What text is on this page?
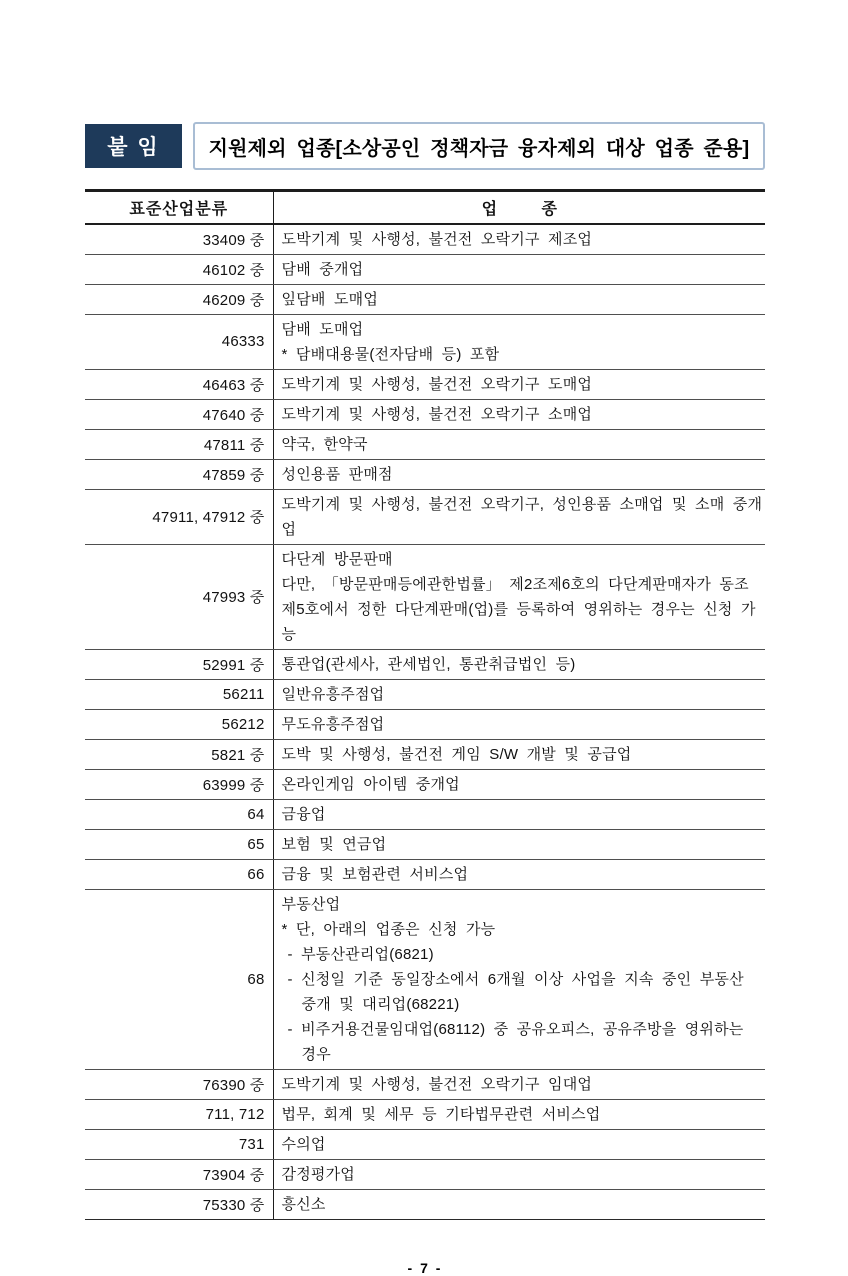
붙 임	지원제외 업종[소상공인 정책자금 융자제외 대상 업종 준용]
표준산업분류	업          종
33409 중	도박기계 및 사행성, 불건전 오락기구 제조업

46102 중	담배 중개업

46209 중	잎담배 도매업

46333	담배 도매업
* 담배대용물(전자담배 등) 포함

46463 중	도박기계 및 사행성, 불건전 오락기구 도매업

47640 중	도박기계 및 사행성, 불건전 오락기구 소매업

47811 중	약국, 한약국

47859 중	성인용품 판매점

47911, 47912 중	도박기계 및 사행성, 불건전 오락기구, 성인용품 소매업 및 소매 중개업

47993 중	다단계 방문판매
다만, 「방문판매등에관한법률」 제2조제6호의 다단계판매자가 동조
제5호에서 정한 다단계판매(업)를 등록하여 영위하는 경우는 신청 가능

52991 중	통관업(관세사, 관세법인, 통관취급법인 등)

56211	일반유흥주점업

56212	무도유흥주점업

5821 중	도박 및 사행성, 불건전 게임 S/W 개발 및 공급업

63999 중	온라인게임 아이템 중개업

64	금융업

65	보험 및 연금업

66	금융 및 보험관련 서비스업

68	
부동산업
* 단, 아래의 업종은 신청 가능
- 부동산관리업(6821)
- 신청일 기준 동일장소에서 6개월 이상 사업을 지속 중인 부동산
중개 및 대리업(68221)
- 비주거용건물임대업(68112) 중 공유오피스, 공유주방을 영위하는
경우

76390 중	도박기계 및 사행성, 불건전 오락기구 임대업

711, 712	법무, 회계 및 세무 등 기타법무관련 서비스업

731	수의업

73904 중	감정평가업

75330 중	흥신소
- 7 -
